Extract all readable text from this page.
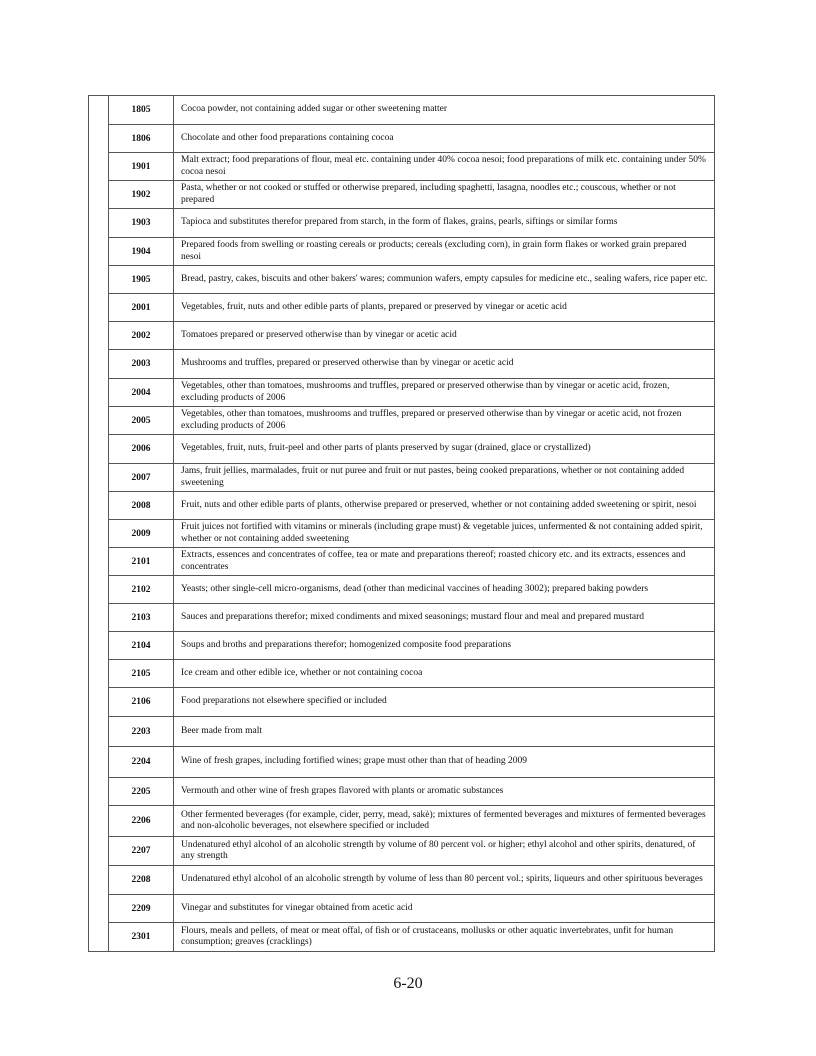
	1805	Cocoa powder, not containing added sugar or other sweetening matter
	1806	Chocolate and other food preparations containing cocoa
	1901	Malt extract; food preparations of flour, meal etc. containing under 40% cocoa nesoi; food preparations of milk etc. containing under 50% cocoa nesoi
	1902	Pasta, whether or not cooked or stuffed or otherwise prepared, including spaghetti, lasagna, noodles etc.; couscous, whether or not prepared
	1903	Tapioca and substitutes therefor prepared from starch, in the form of flakes, grains, pearls, siftings or similar forms
	1904	Prepared foods from swelling or roasting cereals or products; cereals (excluding corn), in grain form flakes or worked grain prepared nesoi
	1905	Bread, pastry, cakes, biscuits and other bakers' wares; communion wafers, empty capsules for medicine etc., sealing wafers, rice paper etc.
	2001	Vegetables, fruit, nuts and other edible parts of plants, prepared or preserved by vinegar or acetic acid
	2002	Tomatoes prepared or preserved otherwise than by vinegar or acetic acid
	2003	Mushrooms and truffles, prepared or preserved otherwise than by vinegar or acetic acid
	2004	Vegetables, other than tomatoes, mushrooms and truffles, prepared or preserved otherwise than by vinegar or acetic acid, frozen, excluding products of 2006
	2005	Vegetables, other than tomatoes, mushrooms and truffles, prepared or preserved otherwise than by vinegar or acetic acid, not frozen excluding products of 2006
	2006	Vegetables, fruit, nuts, fruit-peel and other parts of plants preserved by sugar (drained, glace or crystallized)
	2007	Jams, fruit jellies, marmalades, fruit or nut puree and fruit or nut pastes, being cooked preparations, whether or not containing added sweetening
	2008	Fruit, nuts and other edible parts of plants, otherwise prepared or preserved, whether or not containing added sweetening or spirit, nesoi
	2009	Fruit juices not fortified with vitamins or minerals (including grape must) & vegetable juices, unfermented & not containing added spirit, whether or not containing added sweetening
	2101	Extracts, essences and concentrates of coffee, tea or mate and preparations thereof; roasted chicory etc. and its extracts, essences and concentrates
	2102	Yeasts; other single-cell micro-organisms, dead (other than medicinal vaccines of heading 3002); prepared baking powders
	2103	Sauces and preparations therefor; mixed condiments and mixed seasonings; mustard flour and meal and prepared mustard
	2104	Soups and broths and preparations therefor; homogenized composite food preparations
	2105	Ice cream and other edible ice, whether or not containing cocoa
	2106	Food preparations not elsewhere specified or included
	2203	Beer made from malt
	2204	Wine of fresh grapes, including fortified wines; grape must other than that of heading 2009
	2205	Vermouth and other wine of fresh grapes flavored with plants or aromatic substances
	2206	Other fermented beverages (for example, cider, perry, mead, sakè); mixtures of fermented beverages and mixtures of fermented beverages and non-alcoholic beverages, not elsewhere specified or included
	2207	Undenatured ethyl alcohol of an alcoholic strength by volume of 80 percent vol. or higher; ethyl alcohol and other spirits, denatured, of any strength
	2208	Undenatured ethyl alcohol of an alcoholic strength by volume of less than 80 percent vol.; spirits, liqueurs and other spirituous beverages
	2209	Vinegar and substitutes for vinegar obtained from acetic acid
	2301	Flours, meals and pellets, of meat or meat offal, of fish or of crustaceans, mollusks or other aquatic invertebrates, unfit for human consumption; greaves (cracklings)
6-20
